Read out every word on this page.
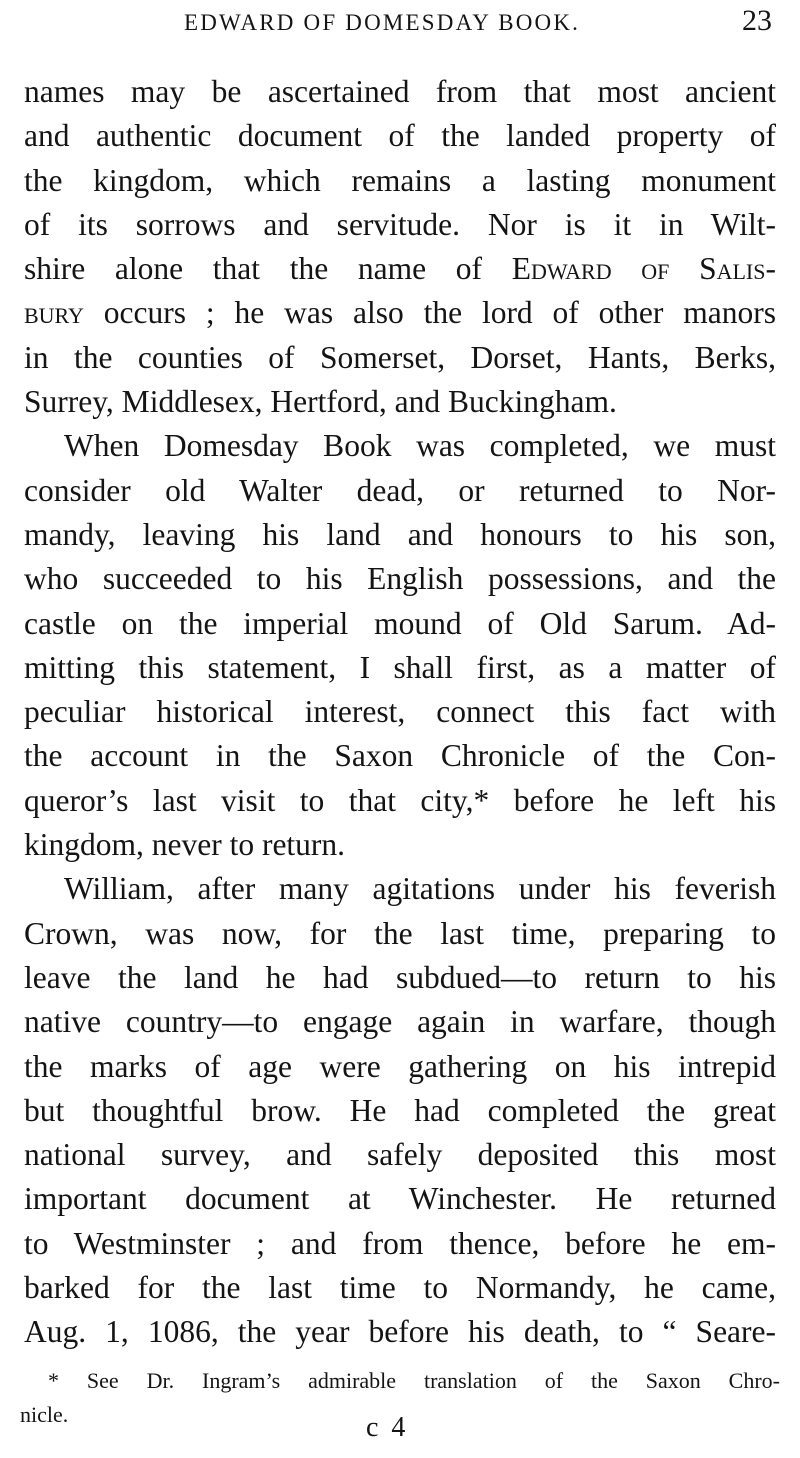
EDWARD OF DOMESDAY BOOK.	23
names may be ascertained from that most ancient
and authentic document of the landed property of
the kingdom, which remains a lasting monument
of its sorrows and servitude. Nor is it in Wilt-
shire alone that the name of Edward of Salis-
bury occurs ; he was also the lord of other manors
in the counties of Somerset, Dorset, Hants, Berks,
Surrey, Middlesex, Hertford, and Buckingham.
When Domesday Book was completed, we must
consider old Walter dead, or returned to Nor-
mandy, leaving his land and honours to his son,
who succeeded to his English possessions, and the
castle on the imperial mound of Old Sarum. Ad-
mitting this statement, I shall first, as a matter of
peculiar historical interest, connect this fact with
the account in the Saxon Chronicle of the Con-
queror’s last visit to that city,* before he left his
kingdom, never to return.
William, after many agitations under his feverish
Crown, was now, for the last time, preparing to
leave the land he had subdued—to return to his
native country—to engage again in warfare, though
the marks of age were gathering on his intrepid
but thoughtful brow. He had completed the great
national survey, and safely deposited this most
important document at Winchester. He returned
to Westminster ; and from thence, before he em-
barked for the last time to Normandy, he came,
Aug. 1, 1086, the year before his death, to “ Seare-
* See Dr. Ingram’s admirable translation of the Saxon Chro-
nicle.	c 4
